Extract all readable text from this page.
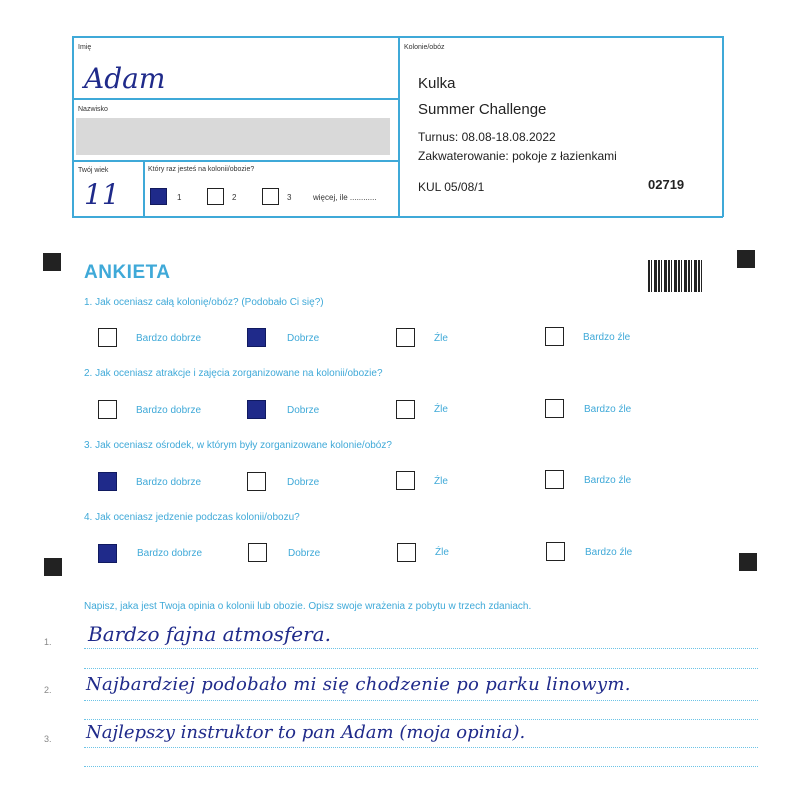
Imię
Adam
Nazwisko
Twój wiek
11
Który raz jesteś na kolonii/obozie?
1	2	3	więcej, ile ............
Kolonie/obóz
Kulka
Summer Challenge
Turnus: 08.08-18.08.2022
Zakwaterowanie: pokoje z łazienkami
KUL 05/08/1	02719
ANKIETA
1. Jak oceniasz całą kolonię/obóz? (Podobało Ci się?)
Bardzo dobrze	Dobrze	Źle	Bardzo źle
2. Jak oceniasz atrakcje i zajęcia zorganizowane na kolonii/obozie?
Bardzo dobrze	Dobrze	Źle	Bardzo źle
3. Jak oceniasz ośrodek, w którym były zorganizowane kolonie/obóz?
Bardzo dobrze	Dobrze	Źle	Bardzo źle
4. Jak oceniasz jedzenie podczas kolonii/obozu?
Bardzo dobrze	Dobrze	Źle	Bardzo źle
Napisz, jaka jest Twoja opinia o kolonii lub obozie. Opisz swoje wrażenia z pobytu w trzech zdaniach.
1. Bardzo fajna atmosfera.
2. Najbardziej podobało mi się chodzenie po parku linowym.
3. Najlepszy instruktor to pan Adam (moja opinia).
